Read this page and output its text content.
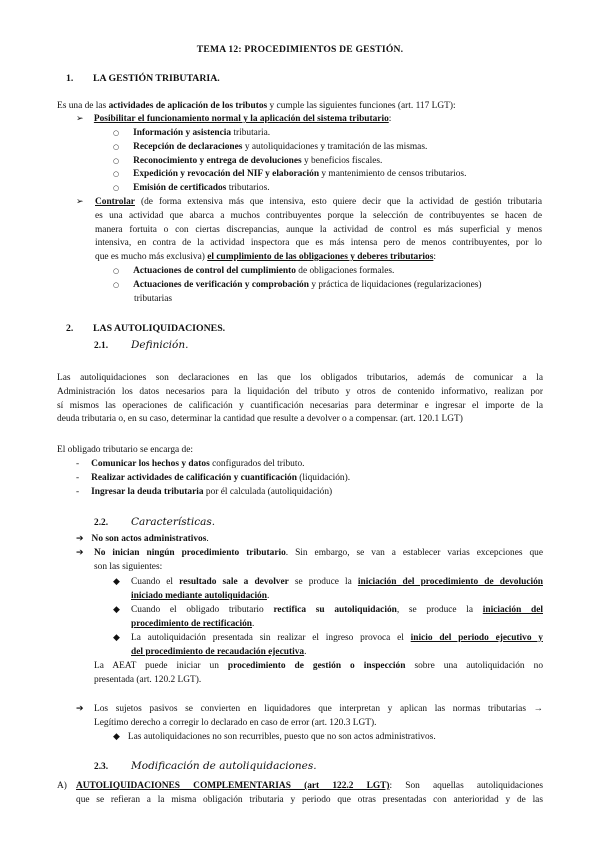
TEMA 12: PROCEDIMIENTOS DE GESTIÓN.
1. LA GESTIÓN TRIBUTARIA.
Es una de las actividades de aplicación de los tributos y cumple las siguientes funciones (art. 117 LGT):
➢ Posibilitar el funcionamiento normal y la aplicación del sistema tributario:
○ Información y asistencia tributaria.
○ Recepción de declaraciones y autoliquidaciones y tramitación de las mismas.
○ Reconocimiento y entrega de devoluciones y beneficios fiscales.
○ Expedición y revocación del NIF y elaboración y mantenimiento de censos tributarios.
○ Emisión de certificados tributarios.
➢ Controlar (de forma extensiva más que intensiva, esto quiere decir que la actividad de gestión tributaria
es una actividad que abarca a muchos contribuyentes porque la selección de contribuyentes se hacen de
manera fortuita o con ciertas discrepancias, aunque la actividad de control es más superficial y menos
intensiva, en contra de la actividad inspectora que es más intensa pero de menos contribuyentes, por lo
que es mucho más exclusiva) el cumplimiento de las obligaciones y deberes tributarios:
○ Actuaciones de control del cumplimiento de obligaciones formales.
○ Actuaciones de verificación y comprobación y práctica de liquidaciones (regularizaciones)
tributarias
2. LAS AUTOLIQUIDACIONES.
2.1. Definición.
Las autoliquidaciones son declaraciones en las que los obligados tributarios, además de comunicar a la
Administración los datos necesarios para la liquidación del tributo y otros de contenido informativo, realizan por
sí mismos las operaciones de calificación y cuantificación necesarias para determinar e ingresar el importe de la
deuda tributaria o, en su caso, determinar la cantidad que resulte a devolver o a compensar. (art. 120.1 LGT)
El obligado tributario se encarga de:
- Comunicar los hechos y datos configurados del tributo.
- Realizar actividades de calificación y cuantificación (liquidación).
- Ingresar la deuda tributaria por él calculada (autoliquidación)
2.2. Características.
➔ No son actos administrativos.
➔ No inician ningún procedimiento tributario. Sin embargo, se van a establecer varias excepciones que
son las siguientes:
◆ Cuando el resultado sale a devolver se produce la iniciación del procedimiento de devolución
iniciado mediante autoliquidación.
◆ Cuando el obligado tributario rectifica su autoliquidación, se produce la iniciación del
procedimiento de rectificación.
◆ La autoliquidación presentada sin realizar el ingreso provoca el inicio del periodo ejecutivo y
del procedimiento de recaudación ejecutiva.
La AEAT puede iniciar un procedimiento de gestión o inspección sobre una autoliquidación no
presentada (art. 120.2 LGT).
➔ Los sujetos pasivos se convierten en liquidadores que interpretan y aplican las normas tributarias →
Legítimo derecho a corregir lo declarado en caso de error (art. 120.3 LGT).
◆ Las autoliquidaciones no son recurribles, puesto que no son actos administrativos.
2.3. Modificación de autoliquidaciones.
A) AUTOLIQUIDACIONES COMPLEMENTARIAS (art 122.2 LGT): Son aquellas autoliquidaciones
que se refieran a la misma obligación tributaria y periodo que otras presentadas con anterioridad y de las
